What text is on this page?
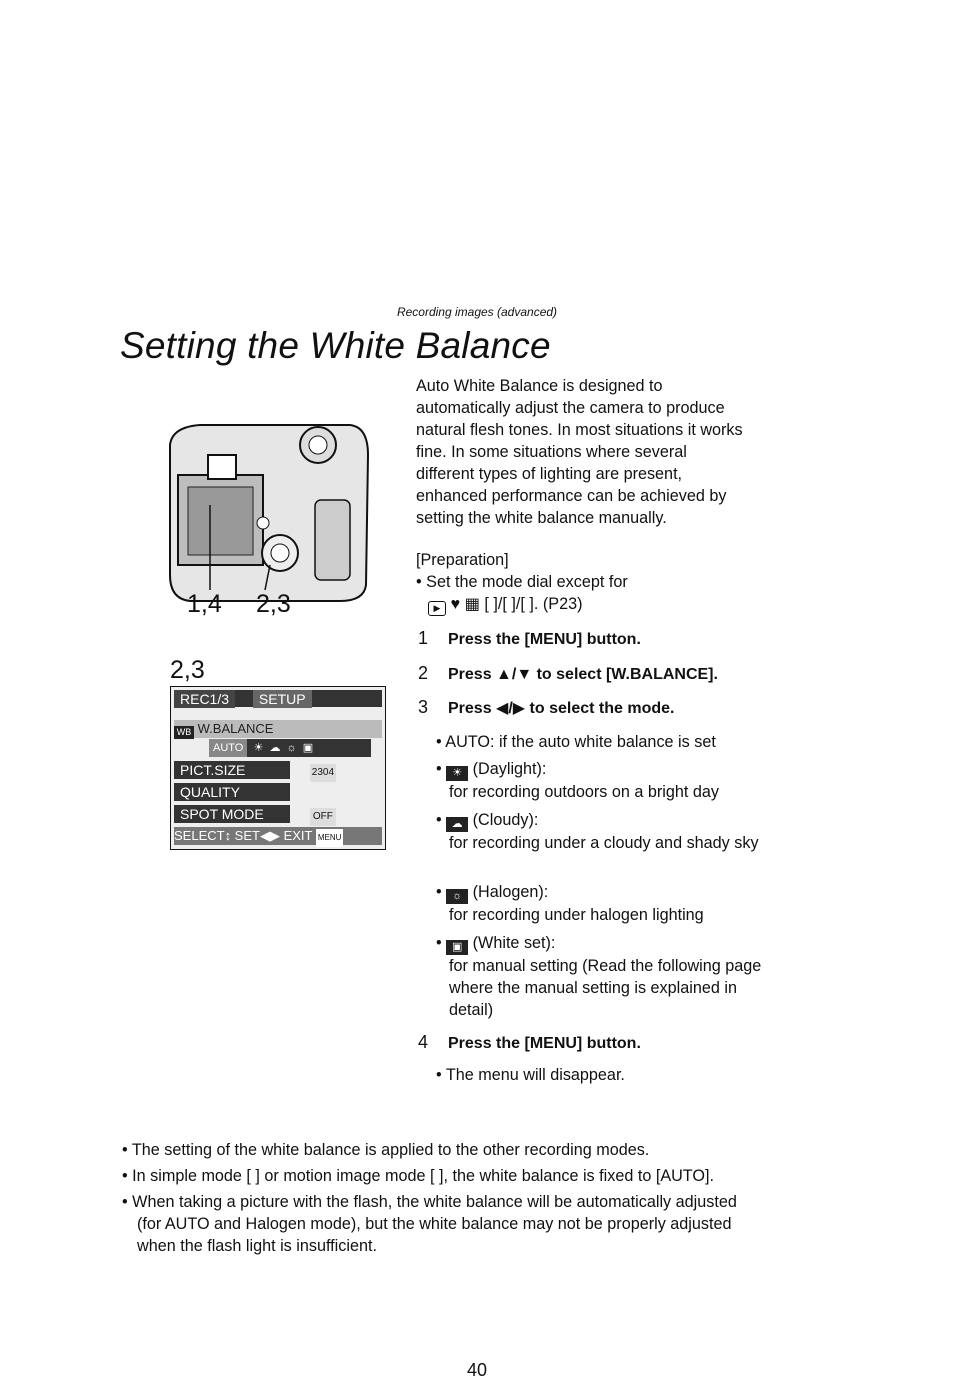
Recording images (advanced)
Setting the White Balance
1,4 2,3
2,3
REC1/3 SETUP
WB W.BALANCE
AUTO  ☀  ☁  ☼  ▣
PICT.SIZE	2304
QUALITY
SPOT MODE	OFF
SELECT↕ SET◀▶ EXIT MENU
Auto White Balance is designed to
automatically adjust the camera to produce
natural flesh tones. In most situations it works
fine. In some situations where several
different types of lighting are present,
enhanced performance can be achieved by
setting the white balance manually.
[Preparation]
• Set the mode dial except for
▶ ♥ ▦ [ ]/[ ]/[ ]. (P23)
1 Press the [MENU] button.
2 Press ▲/▼ to select [W.BALANCE].
3 Press ◀/▶ to select the mode.
• AUTO: if the auto white balance is set
• ☀ (Daylight):
for recording outdoors on a bright day
• ☁ (Cloudy):
for recording under a cloudy and shady sky
• ☼ (Halogen):
for recording under halogen lighting
• ▣ (White set):
for manual setting (Read the following page where the manual setting is explained in detail)
4 Press the [MENU] button.
• The menu will disappear.
• The setting of the white balance is applied to the other recording modes.
• In simple mode [ ] or motion image mode [ ], the white balance is fixed to [AUTO].
• When taking a picture with the flash, the white balance will be automatically adjusted (for AUTO and Halogen mode), but the white balance may not be properly adjusted when the flash light is insufficient.
40
